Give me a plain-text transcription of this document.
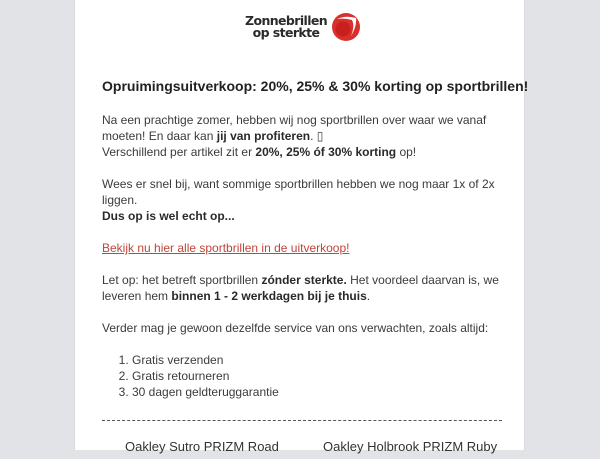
Zonnebrillen
op sterkte
Opruimingsuitverkoop: 20%, 25% & 30% korting op sportbrillen!

Na een prachtige zomer, hebben wij nog sportbrillen over waar we vanaf moeten! En daar kan jij van profiteren. ▯
Verschillend per artikel zit er 20%, 25% óf 30% korting op!

Wees er snel bij, want sommige sportbrillen hebben we nog maar 1x of 2x liggen.
Dus op is wel echt op...

Bekijk nu hier alle sportbrillen in de uitverkoop!

Let op: het betreft sportbrillen zónder sterkte. Het voordeel daarvan is, we leveren hem binnen 1 - 2 werkdagen bij je thuis.

Verder mag je gewoon dezelfde service van ons verwachten, zoals altijd:

1. Gratis verzenden
2. Gratis retourneren
3. 30 dagen geldteruggarantie
Oakley Sutro PRIZM Road	Oakley Holbrook PRIZM Ruby
